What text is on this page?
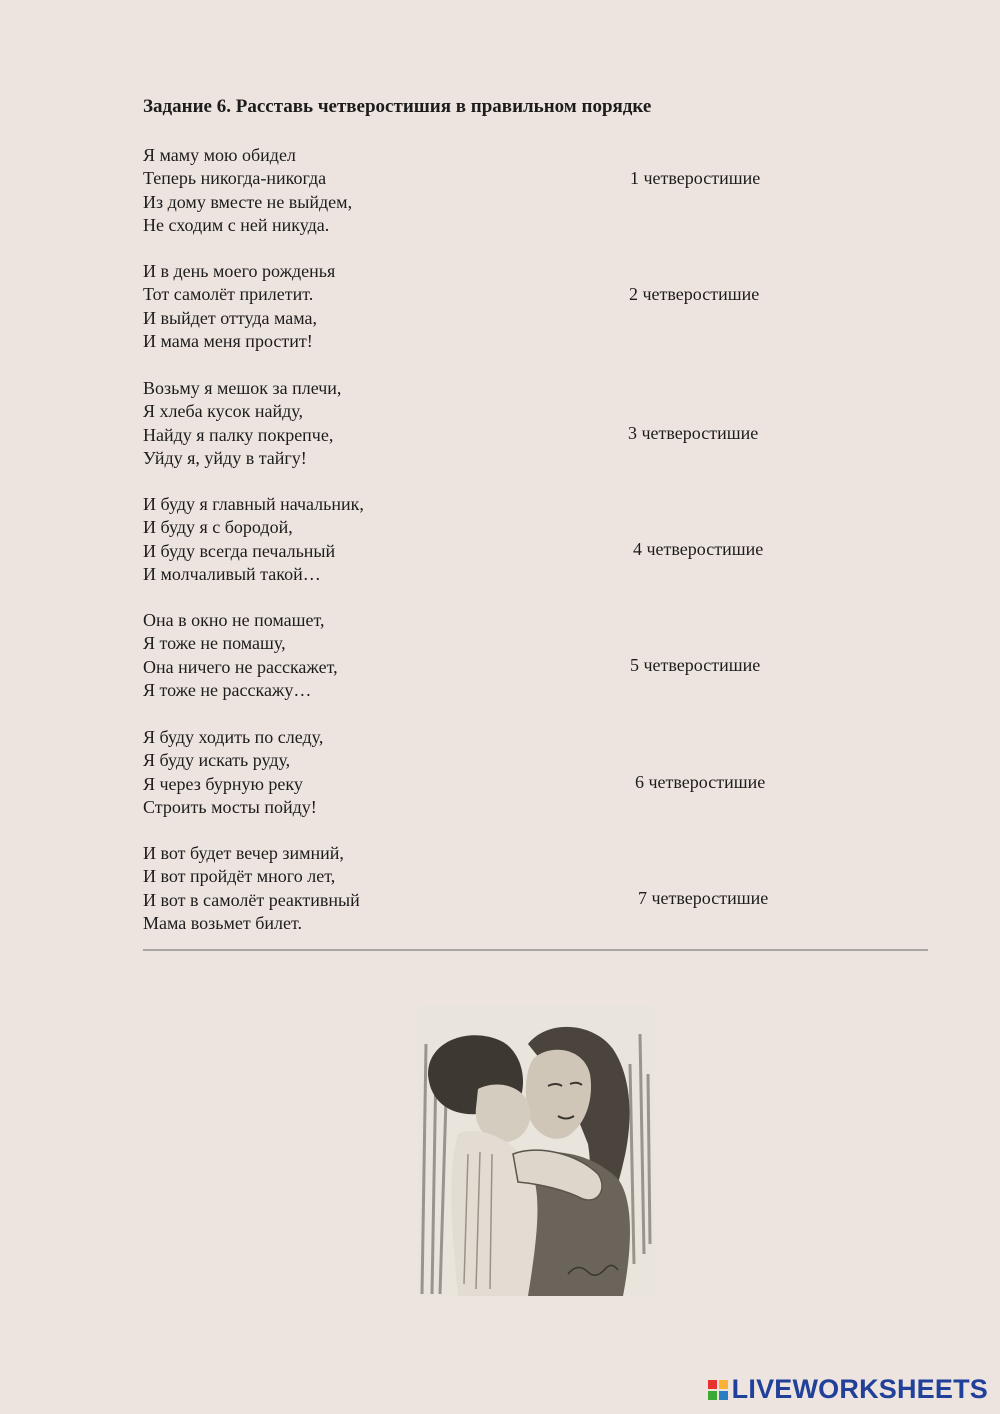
Задание 6. Расставь четверостишия в правильном порядке
Я маму мою обидел
Теперь никогда-никогда
Из дому вместе не выйдем,
Не сходим с ней никуда.
1 четверостишие
И в день моего рожденья
Тот самолёт прилетит.
И выйдет оттуда мама,
И мама меня простит!
2 четверостишие
Возьму я мешок за плечи,
Я хлеба кусок найду,
Найду я палку покрепче,
Уйду я, уйду в тайгу!
3 четверостишие
И буду я главный начальник,
И буду я с бородой,
И буду всегда печальный
И молчаливый такой…
4 четверостишие
Она в окно не помашет,
Я тоже не помашу,
Она ничего не расскажет,
Я тоже не расскажу…
5 четверостишие
Я буду ходить по следу,
Я буду искать руду,
Я через бурную реку
Строить мосты пойду!
6 четверостишие
И вот будет вечер зимний,
И вот пройдёт много лет,
И вот в самолёт реактивный
Мама возьмет билет.
7 четверостишие
LIVEWORKSHEETS
